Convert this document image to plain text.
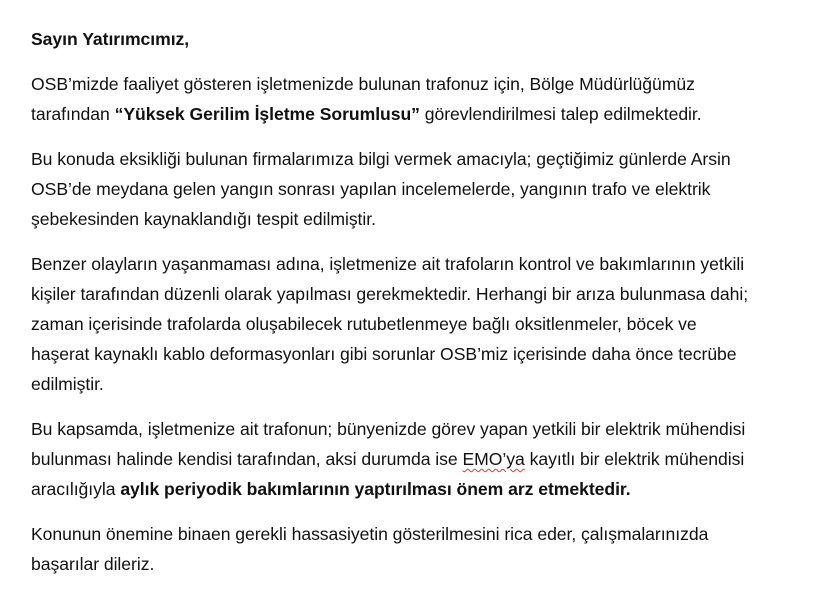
Sayın Yatırımcımız,
OSB’mizde faaliyet gösteren işletmenizde bulunan trafonuz için, Bölge Müdürlüğümüz
tarafından “Yüksek Gerilim İşletme Sorumlusu” görevlendirilmesi talep edilmektedir.
Bu konuda eksikliği bulunan firmalarımıza bilgi vermek amacıyla; geçtiğimiz günlerde Arsin
OSB’de meydana gelen yangın sonrası yapılan incelemelerde, yangının trafo ve elektrik
şebekesinden kaynaklandığı tespit edilmiştir.
Benzer olayların yaşanmaması adına, işletmenize ait trafoların kontrol ve bakımlarının yetkili
kişiler tarafından düzenli olarak yapılması gerekmektedir. Herhangi bir arıza bulunmasa dahi;
zaman içerisinde trafolarda oluşabilecek rutubetlenmeye bağlı oksitlenmeler, böcek ve
haşerat kaynaklı kablo deformasyonları gibi sorunlar OSB’miz içerisinde daha önce tecrübe
edilmiştir.
Bu kapsamda, işletmenize ait trafonun; bünyenizde görev yapan yetkili bir elektrik mühendisi
bulunması halinde kendisi tarafından, aksi durumda ise EMO’ya kayıtlı bir elektrik mühendisi
aracılığıyla aylık periyodik bakımlarının yaptırılması önem arz etmektedir.
Konunun önemine binaen gerekli hassasiyetin gösterilmesini rica eder, çalışmalarınızda
başarılar dileriz.
